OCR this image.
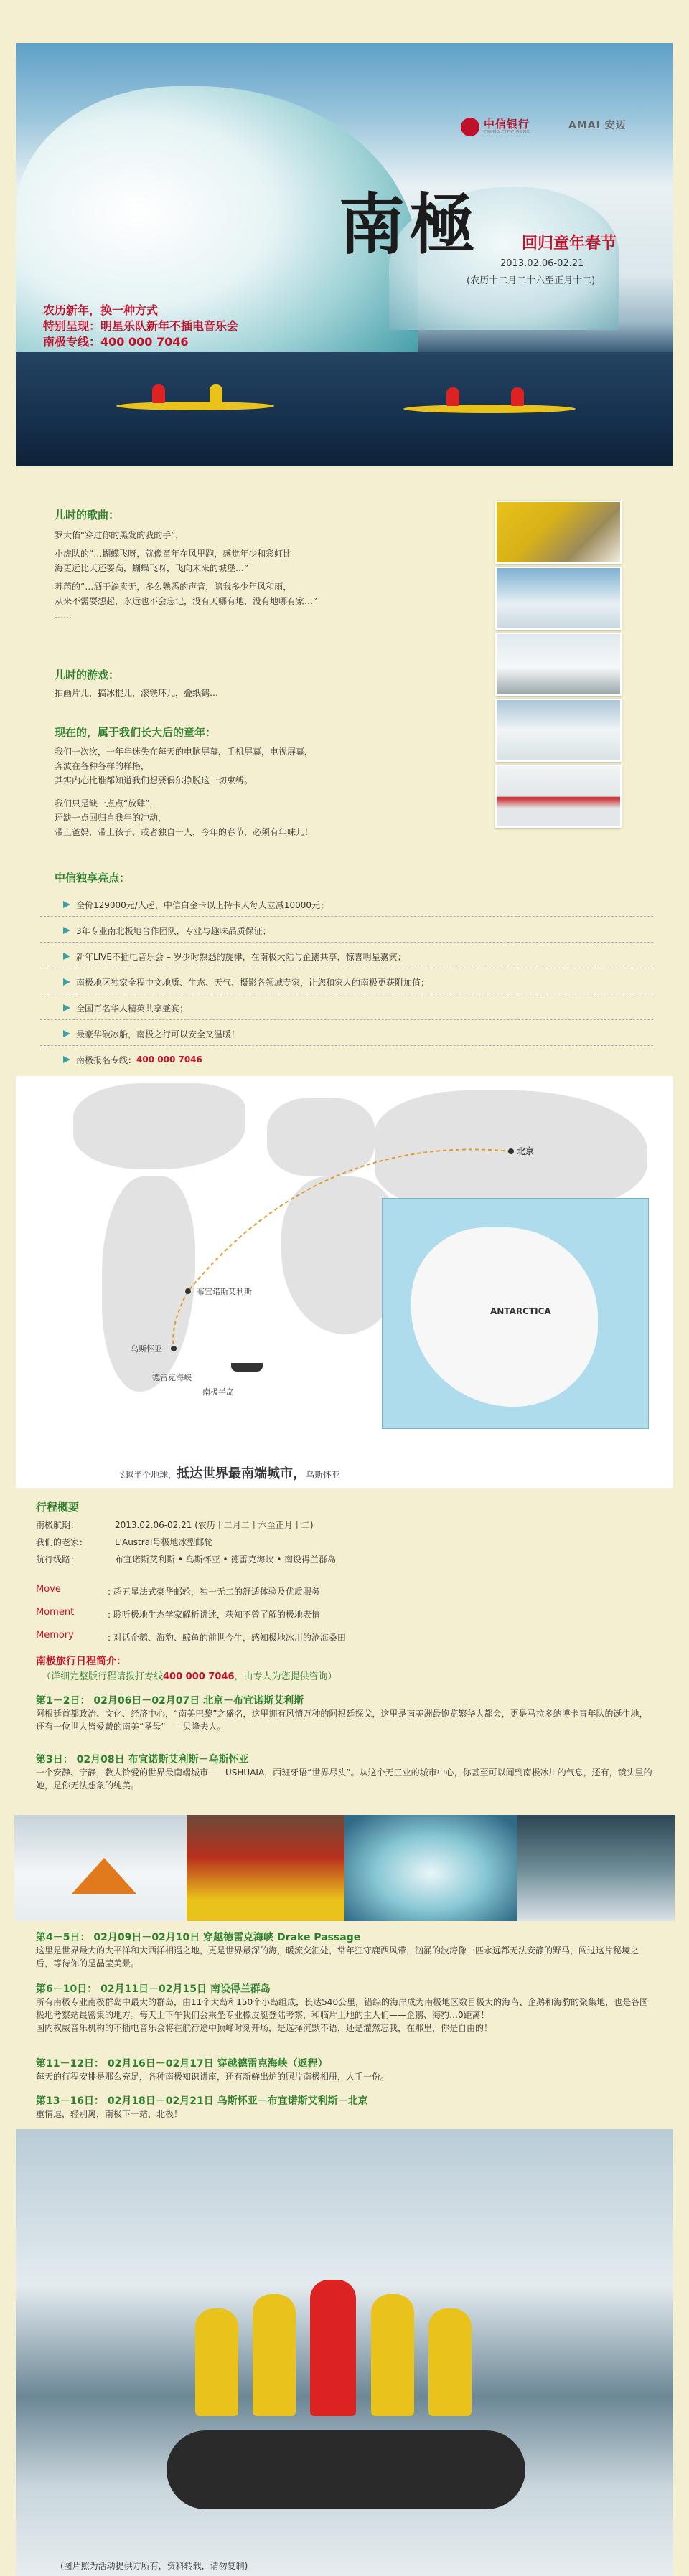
中信银行
CHINA CITIC BANK
AMAI 安迈
南極	回归童年春节
2013.02.06-02.21
(农历十二月二十六至正月十二)
农历新年，换一种方式
特别呈现：明星乐队新年不插电音乐会
南极专线：400 000 7046
儿时的歌曲：

罗大佑“穿过你的黑发的我的手”，

小虎队的“…蝴蝶飞呀，就像童年在风里跑，感觉年少和彩虹比

海更远比天还要高，蝴蝶飞呀，飞向未来的城堡…”

苏芮的“…酒干淌卖无，多么熟悉的声音，陪我多少年风和雨，

从来不需要想起，永远也不会忘记，没有天哪有地，没有地哪有家…”

……

儿时的游戏：

拍画片儿，搞冰棍儿，滚铁环儿，叠纸鹤…

现在的，属于我们长大后的童年：

我们一次次，一年年迷失在每天的电脑屏幕，手机屏幕，电视屏幕，

奔波在各种各样的样格，

其实内心比谁都知道我们想要偶尔挣脱这一切束缚。

我们只是缺一点点“放肆”，

还缺一点回归自我年的冲动，

带上爸妈，带上孩子，或者独自一人，今年的春节，必须有年味儿！

中信独享亮点：
全价129000元/人起，中信白金卡以上持卡人每人立减10000元；
3年专业南北极地合作团队，专业与趣味品质保证；
新年LIVE不插电音乐会 – 岁少时熟悉的旋律，在南极大陆与企鹅共享，惊喜明星嘉宾；
南极地区独家全程中文地质、生态、天气、摄影各领域专家，让您和家人的南极更获附加值；
全国百名华人精英共享盛宴；
最豪华破冰船，南极之行可以安全又温暖！
南极报名专线： 400 000 7046
北京
布宜诺斯艾利斯
乌斯怀亚
德雷克海峡
南极半岛
ANTARCTICA
飞越半个地球，抵达世界最南端城市，乌斯怀亚
行程概要
南极航期：	2013.02.06-02.21 (农历十二月二十六至正月十二)
我们的老家：	L'Austral号极地冰型邮轮
航行线路：	布宜诺斯艾利斯 • 乌斯怀亚 • 德雷克海峡 • 南设得兰群岛
Move	: 超五星法式豪华邮轮，独一无二的舒适体验及优质服务
Moment	: 聆听极地生态学家解析讲述，获知不曾了解的极地表情
Memory	: 对话企鹅、海豹、鲸鱼的前世今生，感知极地冰川的沧海桑田
南极旅行日程简介：
（详细完整版行程请拨打专线400 000 7046，由专人为您提供咨询）
第1－2日： 02月06日－02月07日 北京－布宜诺斯艾利斯
阿根廷首都政治、文化、经济中心，“南美巴黎”之盛名，这里拥有风情万种的阿根廷探戈，这里是南美洲最饱览繁华大都会，更是马拉多纳博卡青年队的诞生地，还有一位世人皆爱戴的南美“圣母”——贝隆夫人。
第3日： 02月08日 布宜诺斯艾利斯－乌斯怀亚
一个安静、宁静，教人铃爱的世界最南端城市——USHUAIA，西班牙语“世界尽头”。从这个无工业的城市中心，你甚至可以闻到南极冰川的气息，还有，镜头里的她，是你无法想象的纯美。
第4－5日： 02月09日－02月10日 穿越德雷克海峡 Drake Passage
这里是世界最大的大平洋和大西洋相遇之地，更是世界最深的海，暖流交汇处，常年狂守鹿西风带，汹涌的波涛像一匹永远都无法安静的野马，闯过这片秘境之后，等待你的是晶莹美景。
第6－10日： 02月11日－02月15日 南设得兰群岛
所有南极专业南极群岛中最大的群岛，由11个大岛和150个小岛组成，长达540公里，错综的海岸成为南极地区数目极大的海鸟、企鹅和海豹的聚集地，也是各国极地考察站最密集的地方。每天上下午我们会乘坐专业橡皮艇登陆考察，和临片土地的主人们——企鹅、海豹…0距离！
国内权威音乐机构的不插电音乐会将在航行途中顶峰时刻开场，是选择沉默不语，还是灌然忘我，在那里，你是自由的！
第11－12日： 02月16日－02月17日 穿越德雷克海峡（返程）
每天的行程安排是那么充足，各种南极知识讲座，还有新鲜出炉的照片南极相册，人手一份。
第13－16日： 02月18日－02月21日 乌斯怀亚－布宜诺斯艾利斯－北京
重情逗，轻别离，南极下一站，北极！
(图片照为活动提供方所有，资料转载，请勿复制)
